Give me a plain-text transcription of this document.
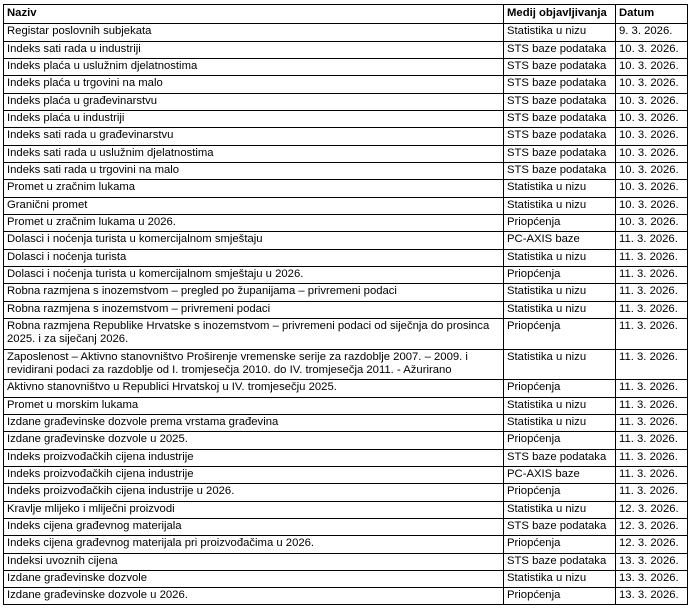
Naziv	Medij objavljivanja	Datum
Registar poslovnih subjekata	Statistika u nizu	9. 3. 2026.
Indeks sati rada u industriji	STS baze podataka	10. 3. 2026.
Indeks plaća u uslužnim djelatnostima	STS baze podataka	10. 3. 2026.
Indeks plaća u trgovini na malo	STS baze podataka	10. 3. 2026.
Indeks plaća u građevinarstvu	STS baze podataka	10. 3. 2026.
Indeks plaća u industriji	STS baze podataka	10. 3. 2026.
Indeks sati rada u građevinarstvu	STS baze podataka	10. 3. 2026.
Indeks sati rada u uslužnim djelatnostima	STS baze podataka	10. 3. 2026.
Indeks sati rada u trgovini na malo	STS baze podataka	10. 3. 2026.
Promet u zračnim lukama	Statistika u nizu	10. 3. 2026.
Granični promet	Statistika u nizu	10. 3. 2026.
Promet u zračnim lukama u 2026.	Priopćenja	10. 3. 2026.
Dolasci i noćenja turista u komercijalnom smještaju	PC-AXIS baze	11. 3. 2026.
Dolasci i noćenja turista	Statistika u nizu	11. 3. 2026.
Dolasci i noćenja turista u komercijalnom smještaju u 2026.	Priopćenja	11. 3. 2026.
Robna razmjena s inozemstvom – pregled po županijama – privremeni podaci	Statistika u nizu	11. 3. 2026.
Robna razmjena s inozemstvom – privremeni podaci	Statistika u nizu	11. 3. 2026.
Robna razmjena Republike Hrvatske s inozemstvom – privremeni podaci od siječnja do prosinca 2025. i za siječanj 2026.	Priopćenja	11. 3. 2026.
Zaposlenost – Aktivno stanovništvo Proširenje vremenske serije za razdoblje 2007. – 2009. i revidirani podaci za razdoblje od I. tromjesečja 2010. do IV. tromjesečja 2011. - Ažurirano	Statistika u nizu	11. 3. 2026.
Aktivno stanovništvo u Republici Hrvatskoj u IV. tromjesečju 2025.	Priopćenja	11. 3. 2026.
Promet u morskim lukama	Statistika u nizu	11. 3. 2026.
Izdane građevinske dozvole prema vrstama građevina	Statistika u nizu	11. 3. 2026.
Izdane građevinske dozvole u 2025.	Priopćenja	11. 3. 2026.
Indeks proizvođačkih cijena industrije	STS baze podataka	11. 3. 2026.
Indeks proizvođačkih cijena industrije	PC-AXIS baze	11. 3. 2026.
Indeks proizvođačkih cijena industrije u 2026.	Priopćenja	11. 3. 2026.
Kravlje mlijeko i mliječni proizvodi	Statistika u nizu	12. 3. 2026.
Indeks cijena građevnog materijala	STS baze podataka	12. 3. 2026.
Indeks cijena građevnog materijala pri proizvođačima u 2026.	Priopćenja	12. 3. 2026.
Indeksi uvoznih cijena	STS baze podataka	13. 3. 2026.
Izdane građevinske dozvole	Statistika u nizu	13. 3. 2026.
Izdane građevinske dozvole u 2026.	Priopćenja	13. 3. 2026.
